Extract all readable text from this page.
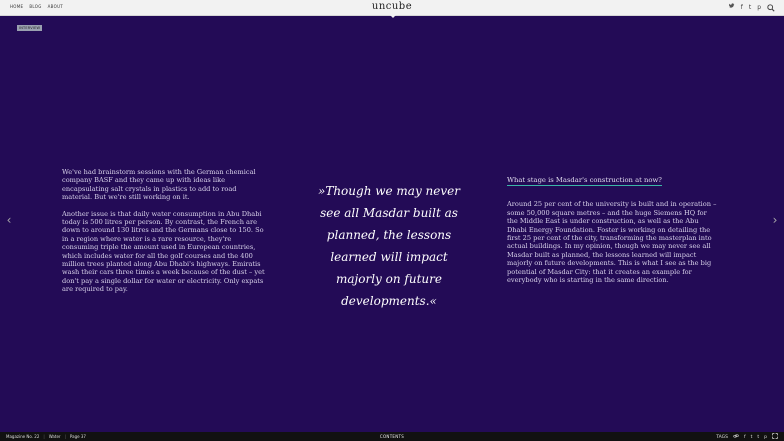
HOME BLOG ABOUT	uncube	f t p
INTERVIEW
‹	›

We've had brainstorm sessions with the German chemical company BASF and they came up with ideas like encapsulating salt crystals in plastics to add to road material. But we're still working on it.

Another issue is that daily water consumption in Abu Dhabi today is 500 litres per person. By contrast, the French are down to around 130 litres and the Germans close to 150. So in a region where water is a rare resource, they're consuming triple the amount used in European countries, which includes water for all the golf courses and the 400 million trees planted along Abu Dhabi's highways. Emiratis wash their cars three times a week because of the dust – yet don't pay a single dollar for water or electricity. Only expats are required to pay.

»Though we may never see all Masdar built as planned, the lessons learned will impact majorly on future developments.«
What stage is Masdar's construction at now?

Around 25 per cent of the university is built and in operation – some 50,000 square metres – and the huge Siemens HQ for the Middle East is under construction, as well as the Abu Dhabi Energy Foundation. Foster is working on detailing the first 25 per cent of the city, transforming the masterplan into actual buildings. In my opinion, though we may never see all Masdar built as planned, the lessons learned will impact majorly on future developments. This is what I see as the big potential of Masdar City: that it creates an example for everybody who is starting in the same direction.

Magazine No. 22 | Water | Page 37	CONTENTS	TAGS	f t t p
